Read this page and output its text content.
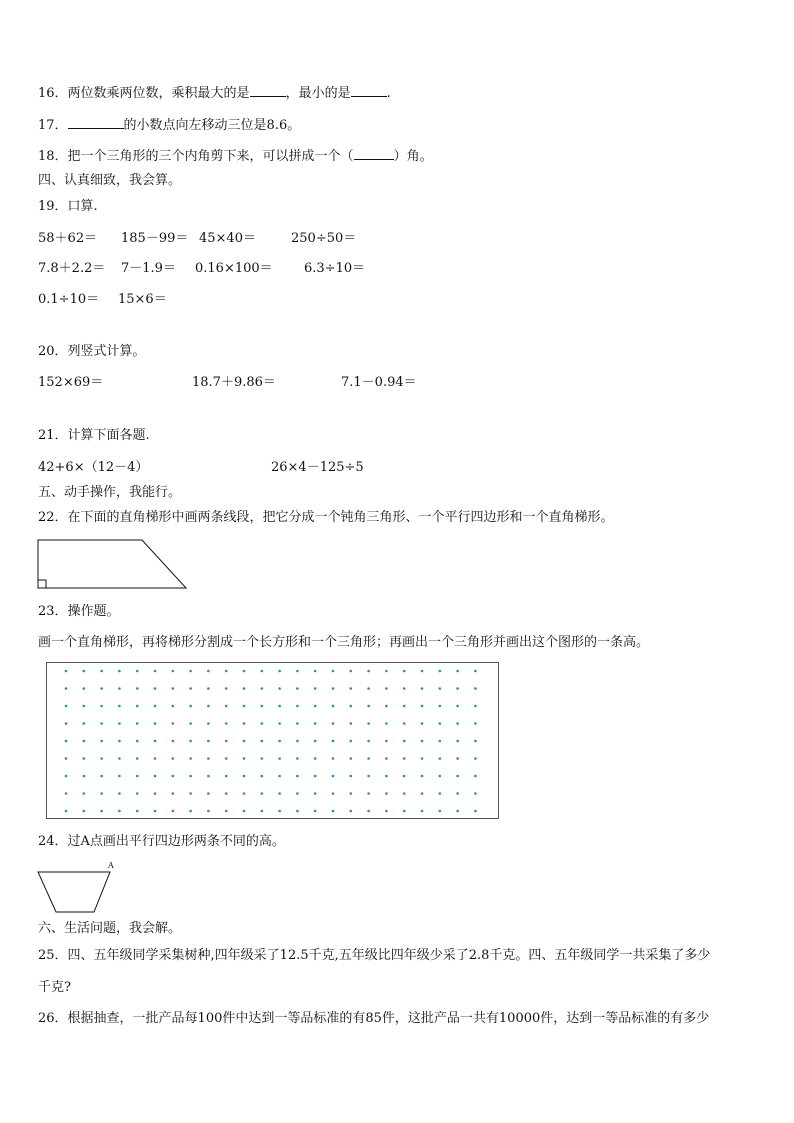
16．两位数乘两位数，乘积最大的是	，最小的是	.
17．	的小数点向左移动三位是8.6。
18．把一个三角形的三个内角剪下来，可以拼成一个（	）角。
四、认真细致，我会算。
19．口算.
58＋62＝ 185－99＝ 45×40＝	250÷50＝
7.8＋2.2＝ 7－1.9＝ 0.16×100＝ 6.3÷10＝
0.1÷10＝ 15×6＝
20．列竖式计算。
152×69＝	18.7＋9.86＝	7.1－0.94＝
21．计算下面各题.
42+6×（12－4）	26×4－125÷5
五、动手操作，我能行。
22．在下面的直角梯形中画两条线段，把它分成一个钝角三角形、一个平行四边形和一个直角梯形。
23．操作题。
画一个直角梯形，再将梯形分割成一个长方形和一个三角形；再画出一个三角形并画出这个图形的一条高。
24．过A点画出平行四边形两条不同的高。
A
六、生活问题，我会解。
25．四、五年级同学采集树种,四年级采了12.5千克,五年级比四年级少采了2.8千克。四、五年级同学一共采集了多少
千克?
26．根据抽查，一批产品每100件中达到一等品标准的有85件，这批产品一共有10000件，达到一等品标准的有多少
